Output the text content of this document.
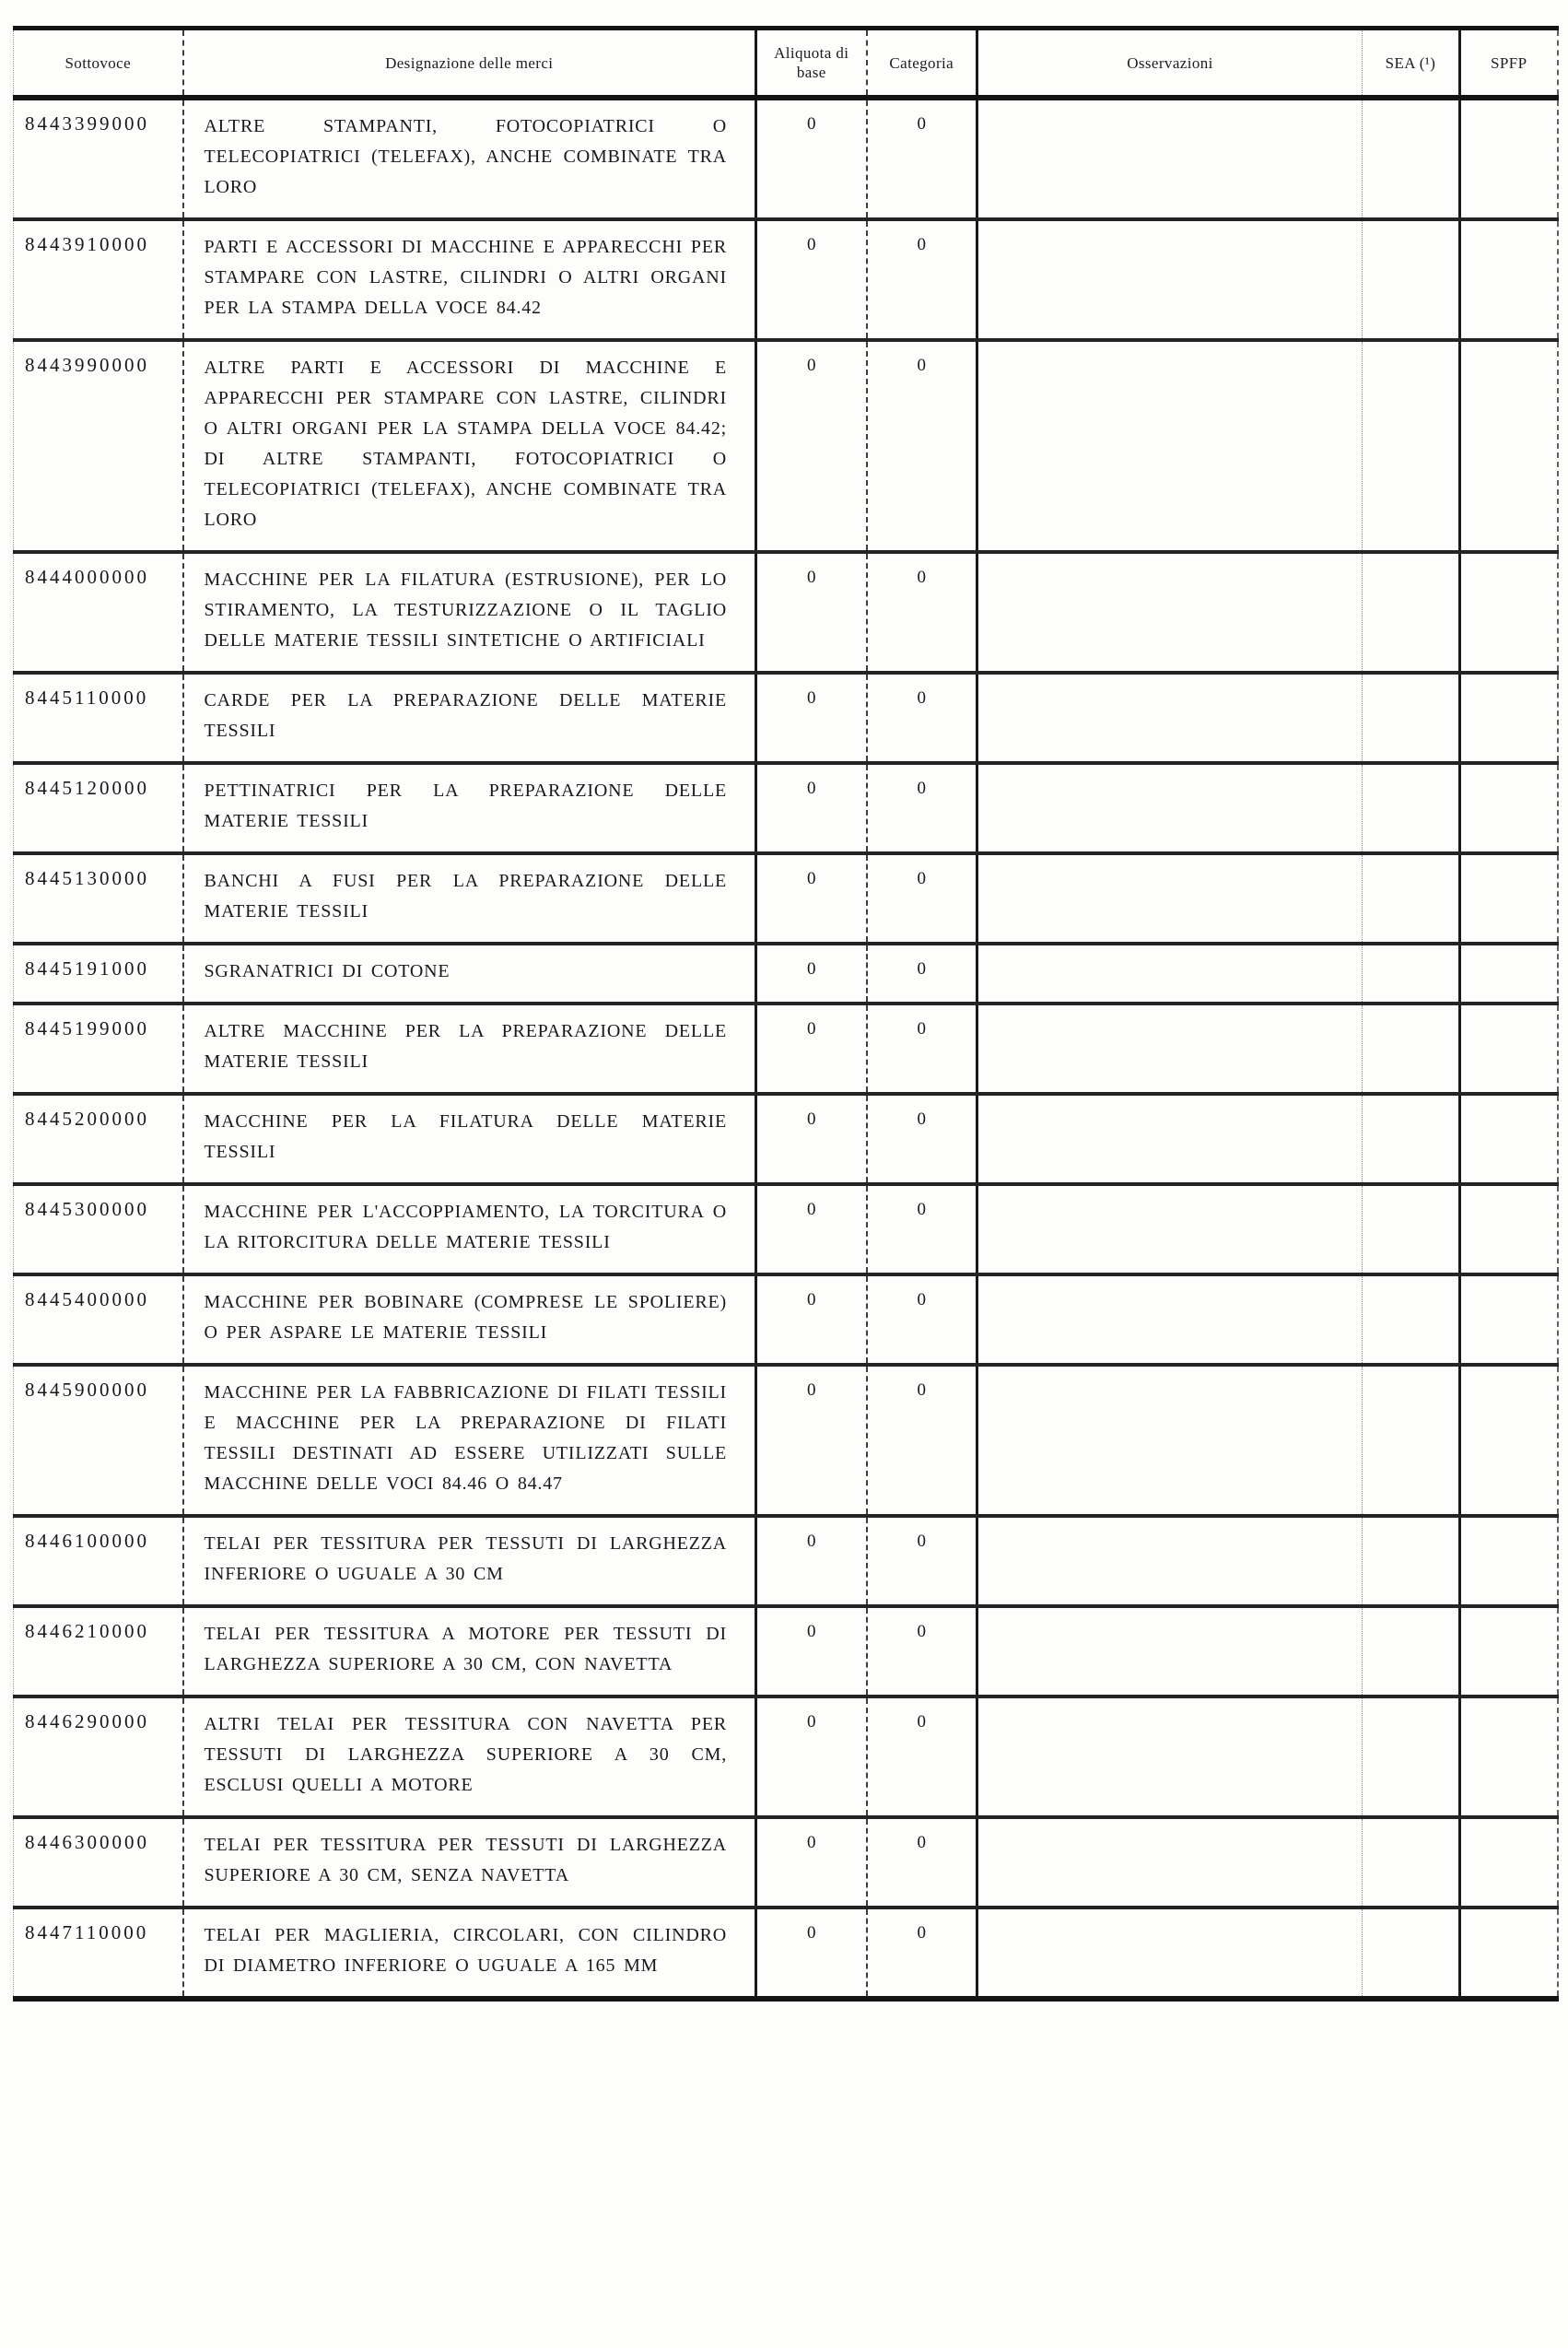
Sottovoce	Designazione delle merci	Aliquota di base	Categoria	Osservazioni	SEA (¹)	SPFP
8443399000	ALTRE STAMPANTI, FOTOCOPIATRICI O TELECOPIATRICI (TELEFAX), ANCHE COMBINATE TRA LORO	0	0			
8443910000	PARTI E ACCESSORI DI MACCHINE E APPARECCHI PER STAMPARE CON LASTRE, CILINDRI O ALTRI ORGANI PER LA STAMPA DELLA VOCE 84.42	0	0			
8443990000	ALTRE PARTI E ACCESSORI DI MACCHINE E APPARECCHI PER STAMPARE CON LASTRE, CILINDRI O ALTRI ORGANI PER LA STAMPA DELLA VOCE 84.42; DI ALTRE STAMPANTI, FOTOCOPIATRICI O TELECOPIATRICI (TELEFAX), ANCHE COMBINATE TRA LORO	0	0			
8444000000	MACCHINE PER LA FILATURA (ESTRUSIONE), PER LO STIRAMENTO, LA TESTURIZZAZIONE O IL TAGLIO DELLE MATERIE TESSILI SINTETICHE O ARTIFICIALI	0	0			
8445110000	CARDE PER LA PREPARAZIONE DELLE MATERIE TESSILI	0	0			
8445120000	PETTINATRICI PER LA PREPARAZIONE DELLE MATERIE TESSILI	0	0			
8445130000	BANCHI A FUSI PER LA PREPARAZIONE DELLE MATERIE TESSILI	0	0			
8445191000	SGRANATRICI DI COTONE	0	0			
8445199000	ALTRE MACCHINE PER LA PREPARAZIONE DELLE MATERIE TESSILI	0	0			
8445200000	MACCHINE PER LA FILATURA DELLE MATERIE TESSILI	0	0			
8445300000	MACCHINE PER L'ACCOPPIAMENTO, LA TORCITURA O LA RITORCITURA DELLE MATERIE TESSILI	0	0			
8445400000	MACCHINE PER BOBINARE (COMPRESE LE SPOLIERE) O PER ASPARE LE MATERIE TESSILI	0	0			
8445900000	MACCHINE PER LA FABBRICAZIONE DI FILATI TESSILI E MACCHINE PER LA PREPARAZIONE DI FILATI TESSILI DESTINATI AD ESSERE UTILIZZATI SULLE MACCHINE DELLE VOCI 84.46 O 84.47	0	0			
8446100000	TELAI PER TESSITURA PER TESSUTI DI LARGHEZZA INFERIORE O UGUALE A 30 CM	0	0			
8446210000	TELAI PER TESSITURA A MOTORE PER TESSUTI DI LARGHEZZA SUPERIORE A 30 CM, CON NAVETTA	0	0			
8446290000	ALTRI TELAI PER TESSITURA CON NAVETTA PER TESSUTI DI LARGHEZZA SUPERIORE A 30 CM, ESCLUSI QUELLI A MOTORE	0	0			
8446300000	TELAI PER TESSITURA PER TESSUTI DI LARGHEZZA SUPERIORE A 30 CM, SENZA NAVETTA	0	0			
8447110000	TELAI PER MAGLIERIA, CIRCOLARI, CON CILINDRO DI DIAMETRO INFERIORE O UGUALE A 165 MM	0	0			
